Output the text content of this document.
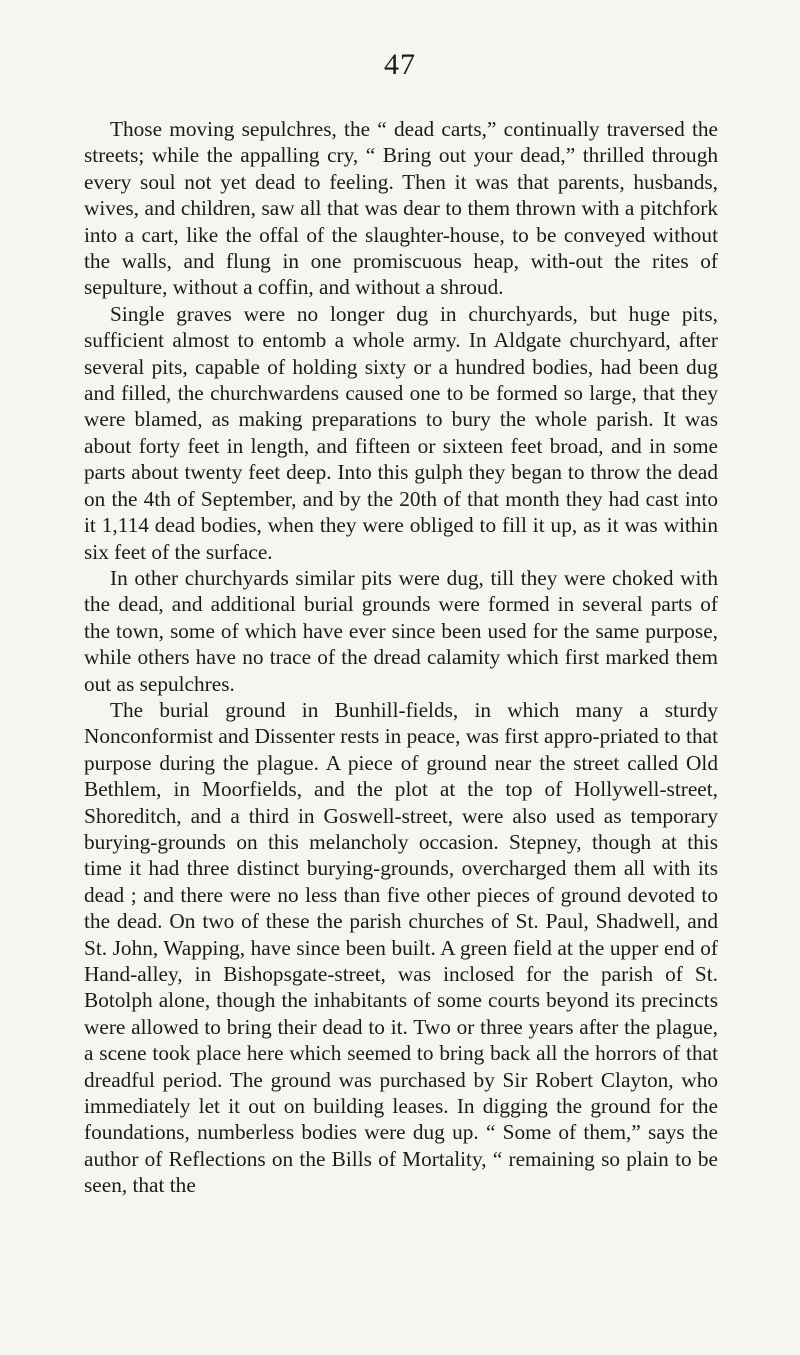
47

Those moving sepulchres, the “ dead carts,” continually traversed the streets; while the appalling cry, “ Bring out your dead,” thrilled through every soul not yet dead to feeling. Then it was that parents, husbands, wives, and children, saw all that was dear to them thrown with a pitchfork into a cart, like the offal of the slaughter-house, to be conveyed without the walls, and flung in one promiscuous heap, with-out the rites of sepulture, without a coffin, and without a shroud.

Single graves were no longer dug in churchyards, but huge pits, sufficient almost to entomb a whole army. In Aldgate churchyard, after several pits, capable of holding sixty or a hundred bodies, had been dug and filled, the churchwardens caused one to be formed so large, that they were blamed, as making preparations to bury the whole parish. It was about forty feet in length, and fifteen or sixteen feet broad, and in some parts about twenty feet deep. Into this gulph they began to throw the dead on the 4th of September, and by the 20th of that month they had cast into it 1,114 dead bodies, when they were obliged to fill it up, as it was within six feet of the surface.

In other churchyards similar pits were dug, till they were choked with the dead, and additional burial grounds were formed in several parts of the town, some of which have ever since been used for the same purpose, while others have no trace of the dread calamity which first marked them out as sepulchres.

The burial ground in Bunhill-fields, in which many a sturdy Nonconformist and Dissenter rests in peace, was first appro-priated to that purpose during the plague. A piece of ground near the street called Old Bethlem, in Moorfields, and the plot at the top of Hollywell-street, Shoreditch, and a third in Goswell-street, were also used as temporary burying-grounds on this melancholy occasion. Stepney, though at this time it had three distinct burying-grounds, overcharged them all with its dead ; and there were no less than five other pieces of ground devoted to the dead. On two of these the parish churches of St. Paul, Shadwell, and St. John, Wapping, have since been built. A green field at the upper end of Hand-alley, in Bishopsgate-street, was inclosed for the parish of St. Botolph alone, though the inhabitants of some courts beyond its precincts were allowed to bring their dead to it. Two or three years after the plague, a scene took place here which seemed to bring back all the horrors of that dreadful period. The ground was purchased by Sir Robert Clayton, who immediately let it out on building leases. In digging the ground for the foundations, numberless bodies were dug up. “ Some of them,” says the author of Reflections on the Bills of Mortality, “ remaining so plain to be seen, that the
